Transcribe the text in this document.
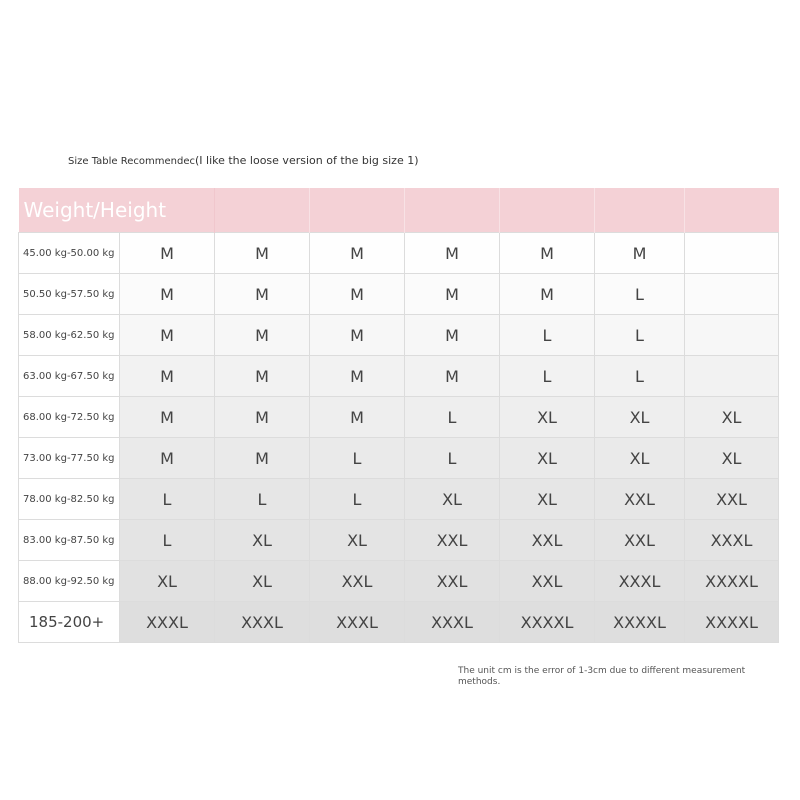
Size Table Recommendec(I like the loose version of the big size 1)
Weight/Height							
45.00 kg-50.00 kg	M	M	M	M	M	M	
50.50 kg-57.50 kg	M	M	M	M	M	L	
58.00 kg-62.50 kg	M	M	M	M	L	L	
63.00 kg-67.50 kg	M	M	M	M	L	L	
68.00 kg-72.50 kg	M	M	M	L	XL	XL	XL
73.00 kg-77.50 kg	M	M	L	L	XL	XL	XL
78.00 kg-82.50 kg	L	L	L	XL	XL	XXL	XXL
83.00 kg-87.50 kg	L	XL	XL	XXL	XXL	XXL	XXXL
88.00 kg-92.50 kg	XL	XL	XXL	XXL	XXL	XXXL	XXXXL
185-200+	XXXL	XXXL	XXXL	XXXL	XXXXL	XXXXL	XXXXL
The unit cm is the error of 1-3cm due to different measurement methods.
